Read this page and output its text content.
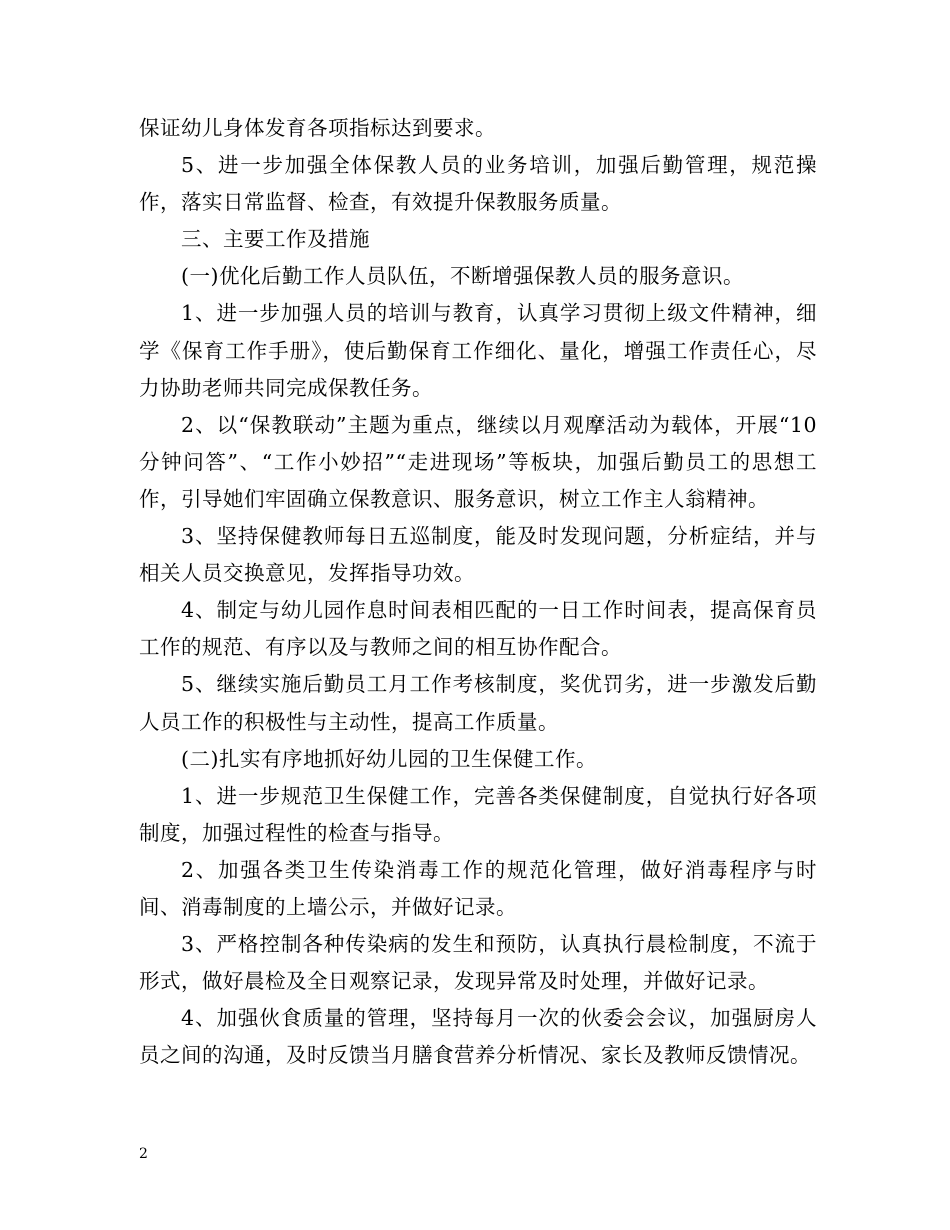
保证幼儿身体发育各项指标达到要求。

5、进一步加强全体保教人员的业务培训，加强后勤管理，规范操作，落实日常监督、检查，有效提升保教服务质量。

三、主要工作及措施

(一)优化后勤工作人员队伍，不断增强保教人员的服务意识。

1、进一步加强人员的培训与教育，认真学习贯彻上级文件精神，细学《保育工作手册》，使后勤保育工作细化、量化，增强工作责任心，尽力协助老师共同完成保教任务。

2、以“保教联动”主题为重点，继续以月观摩活动为载体，开展“10分钟问答”、“工作小妙招”“走进现场”等板块，加强后勤员工的思想工作，引导她们牢固确立保教意识、服务意识，树立工作主人翁精神。

3、坚持保健教师每日五巡制度，能及时发现问题，分析症结，并与相关人员交换意见，发挥指导功效。

4、制定与幼儿园作息时间表相匹配的一日工作时间表，提高保育员工作的规范、有序以及与教师之间的相互协作配合。

5、继续实施后勤员工月工作考核制度，奖优罚劣，进一步激发后勤人员工作的积极性与主动性，提高工作质量。

(二)扎实有序地抓好幼儿园的卫生保健工作。

1、进一步规范卫生保健工作，完善各类保健制度，自觉执行好各项制度，加强过程性的检查与指导。

2、加强各类卫生传染消毒工作的规范化管理，做好消毒程序与时间、消毒制度的上墙公示，并做好记录。

3、严格控制各种传染病的发生和预防，认真执行晨检制度，不流于形式，做好晨检及全日观察记录，发现异常及时处理，并做好记录。

4、加强伙食质量的管理，坚持每月一次的伙委会会议，加强厨房人员之间的沟通，及时反馈当月膳食营养分析情况、家长及教师反馈情况。

2
